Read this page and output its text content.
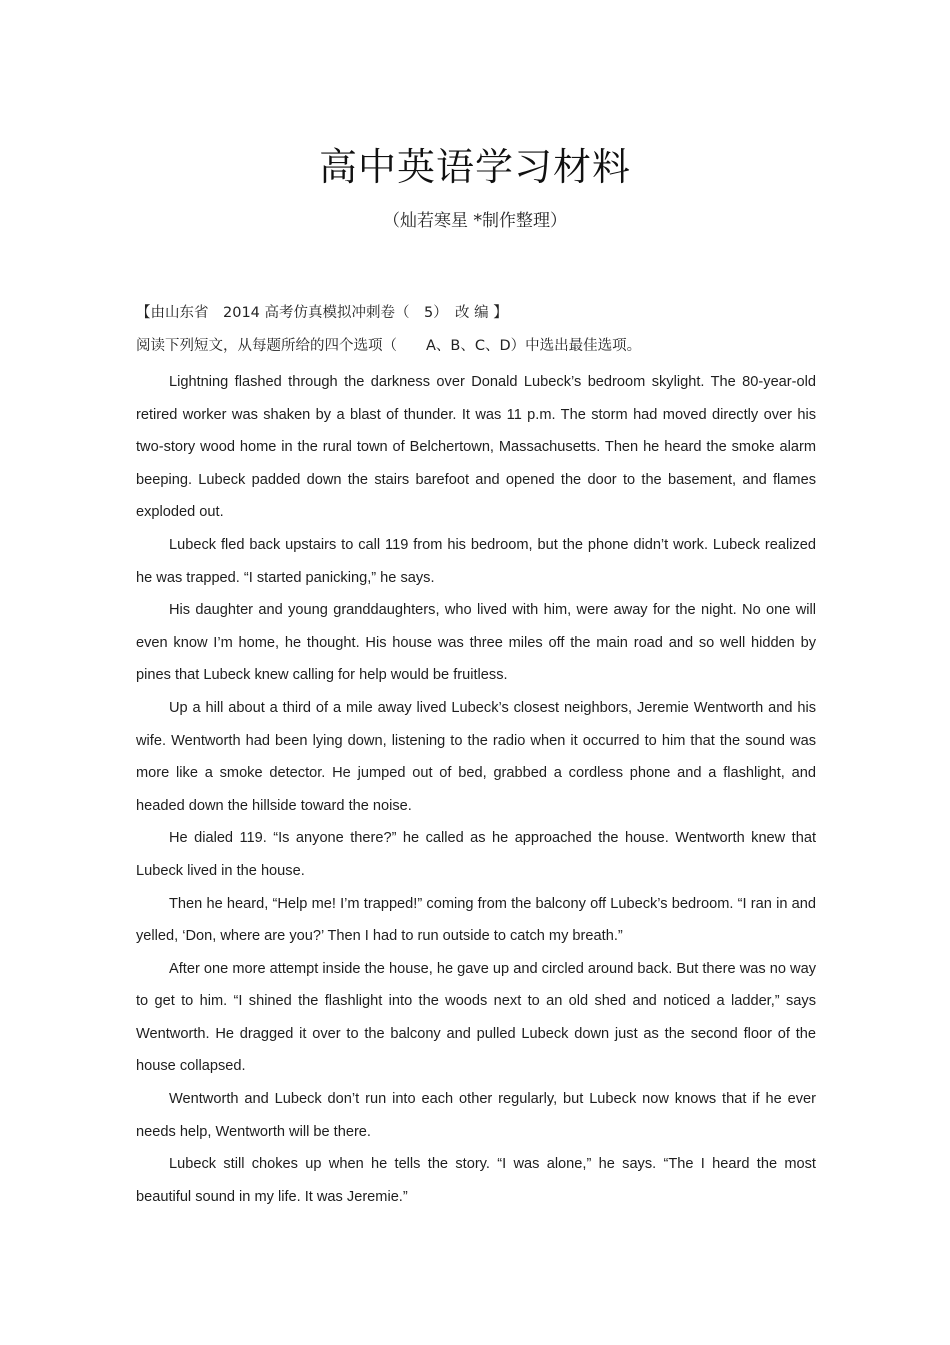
高中英语学习材料
（灿若寒星 *制作整理）
【由山东省　2014 高考仿真模拟冲刺卷（　5）　改 编 】
阅读下列短文，从每题所给的四个选项（　　A、B、C、D）中选出最佳选项。

Lightning flashed through the darkness over Donald Lubeck’s bedroom skylight. The 80-year-old retired worker was shaken by a blast of thunder. It was 11 p.m. The storm had moved directly over his two-story wood home in the rural town of Belchertown, Massachusetts. Then he heard the smoke alarm beeping. Lubeck padded down the stairs barefoot and opened the door to the basement, and flames exploded out.

Lubeck fled back upstairs to call 119 from his bedroom, but the phone didn’t work. Lubeck realized he was trapped. “I started panicking,” he says.

His daughter and young granddaughters, who lived with him, were away for the night. No one will even know I’m home, he thought. His house was three miles off the main road and so well hidden by pines that Lubeck knew calling for help would be fruitless.

Up a hill about a third of a mile away lived Lubeck’s closest neighbors, Jeremie Wentworth and his wife. Wentworth had been lying down, listening to the radio when it occurred to him that the sound was more like a smoke detector. He jumped out of bed, grabbed a cordless phone and a flashlight, and headed down the hillside toward the noise.

He dialed 119. “Is anyone there?” he called as he approached the house. Wentworth knew that Lubeck lived in the house.

Then he heard, “Help me! I’m trapped!” coming from the balcony off Lubeck’s bedroom. “I ran in and yelled, ‘Don, where are you?’ Then I had to run outside to catch my breath.”

After one more attempt inside the house, he gave up and circled around back. But there was no way to get to him. “I shined the flashlight into the woods next to an old shed and noticed a ladder,” says Wentworth. He dragged it over to the balcony and pulled Lubeck down just as the second floor of the house collapsed.

Wentworth and Lubeck don’t run into each other regularly, but Lubeck now knows that if he ever needs help, Wentworth will be there.

Lubeck still chokes up when he tells the story. “I was alone,” he says. “The I heard the most beautiful sound in my life. It was Jeremie.”
